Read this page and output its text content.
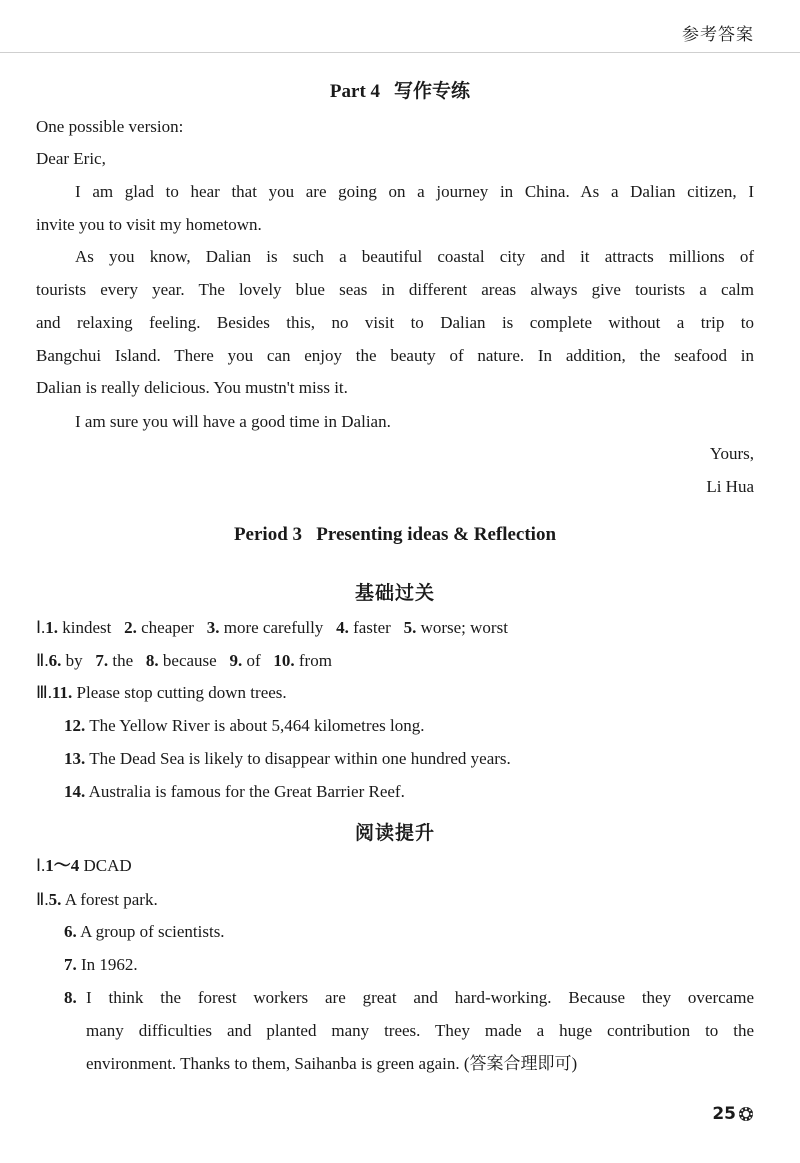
参考答案
Part 4 写作专练
One possible version:
Dear Eric,
I am glad to hear that you are going on a journey in China. As a Dalian citizen, I
invite you to visit my hometown.
As you know, Dalian is such a beautiful coastal city and it attracts millions of
tourists every year. The lovely blue seas in different areas always give tourists a calm
and relaxing feeling. Besides this, no visit to Dalian is complete without a trip to
Bangchui Island. There you can enjoy the beauty of nature. In addition, the seafood in
Dalian is really delicious. You mustn't miss it.
I am sure you will have a good time in Dalian.
Yours,
Li Hua
Period 3   Presenting ideas & Reflection
基础过关
Ⅰ.1. kindest 2. cheaper 3. more carefully 4. faster 5. worse; worst
Ⅱ.6. by 7. the 8. because 9. of 10. from
Ⅲ.11. Please stop cutting down trees.
12. The Yellow River is about 5,464 kilometres long.
13. The Dead Sea is likely to disappear within one hundred years.
14. Australia is famous for the Great Barrier Reef.
阅读提升
Ⅰ.1～4 DCAD
Ⅱ.5. A forest park.
6. A group of scientists.
7. In 1962.
8. I think the forest workers are great and hard-working. Because they overcame
many difficulties and planted many trees. They made a huge contribution to the
environment. Thanks to them, Saihanba is green again. (答案合理即可)
25
